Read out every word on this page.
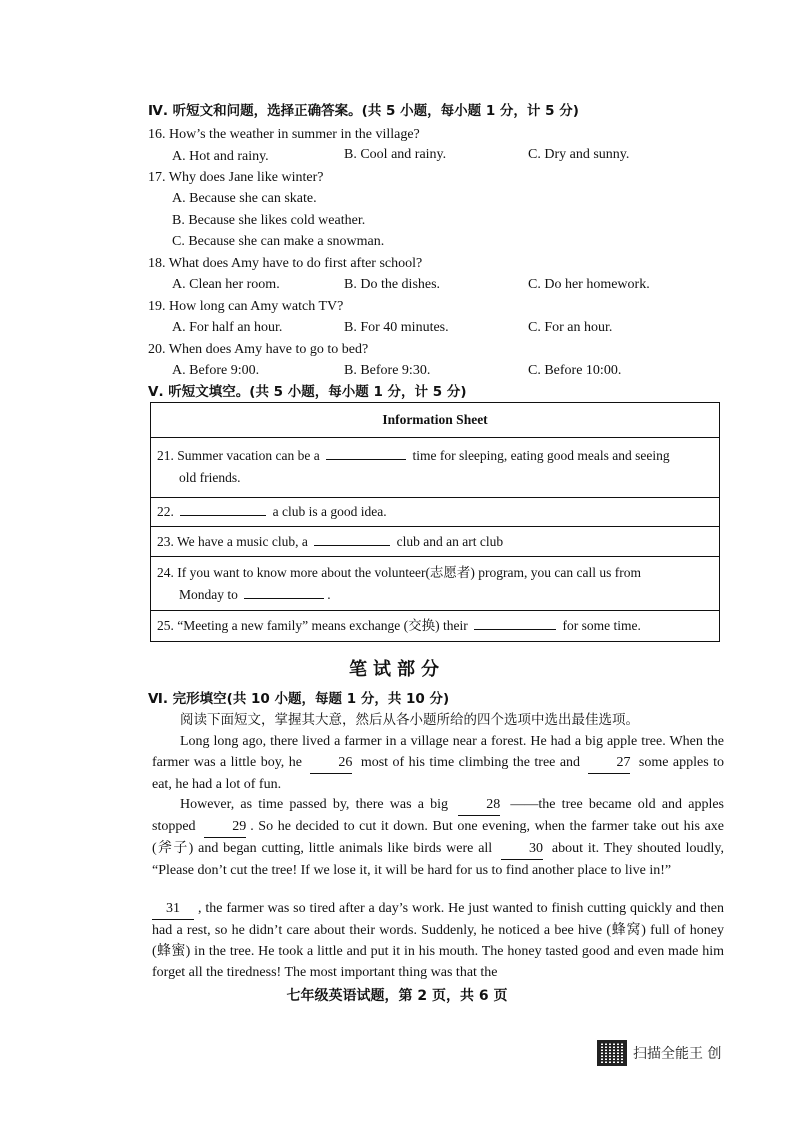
Ⅳ. 听短文和问题，选择正确答案。(共 5 小题，每小题 1 分，计 5 分)
16. How’s the weather in summer in the village?
A. Hot and rainy.	B. Cool and rainy.	C. Dry and sunny.
17. Why does Jane like winter?
A. Because she can skate.
B. Because she likes cold weather.
C. Because she can make a snowman.
18. What does Amy have to do first after school?
A. Clean her room.	B. Do the dishes.	C. Do her homework.
19. How long can Amy watch TV?
A. For half an hour.	B. For 40 minutes.	C. For an hour.
20. When does Amy have to go to bed?
A. Before 9:00.	B. Before 9:30.	C. Before 10:00.
Ⅴ. 听短文填空。(共 5 小题，每小题 1 分，计 5 分)
Information Sheet
21. Summer vacation can be a	time for sleeping, eating good meals and seeing
old friends.
22.	a club is a good idea.
23. We have a music club, a	club and an art club
24. If you want to know more about the volunteer(志愿者) program, you can call us from
Monday to	.
25. “Meeting a new family” means exchange (交换) their	for some time.
笔试部分
Ⅵ. 完形填空(共 10 小题，每题 1 分，共 10 分)
阅读下面短文，掌握其大意，然后从各小题所给的四个选项中选出最佳选项。
Long long ago, there lived a farmer in a village near a forest. He had a big apple tree. When the farmer was a little boy, he	26 most of his time climbing the tree and	27 some apples to eat, he had a lot of fun.
However, as time passed by, there was a big	28 ——the tree became old and apples stopped	29 . So he decided to cut it down. But one evening, when the farmer take out his axe (斧子) and began cutting, little animals like birds were all	30 about it. They shouted loudly, “Please don’t cut the tree! If we lose it, it will be hard for us to find another place to live in!”
31 , the farmer was so tired after a day’s work. He just wanted to finish cutting quickly and then had a rest, so he didn’t care about their words. Suddenly, he noticed a bee hive (蜂窝) full of honey (蜂蜜) in the tree. He took a little and put it in his mouth. The honey tasted good and even made him forget all the tiredness! The most important thing was that the
七年级英语试题，第 2 页，共 6 页
扫描全能王 创
